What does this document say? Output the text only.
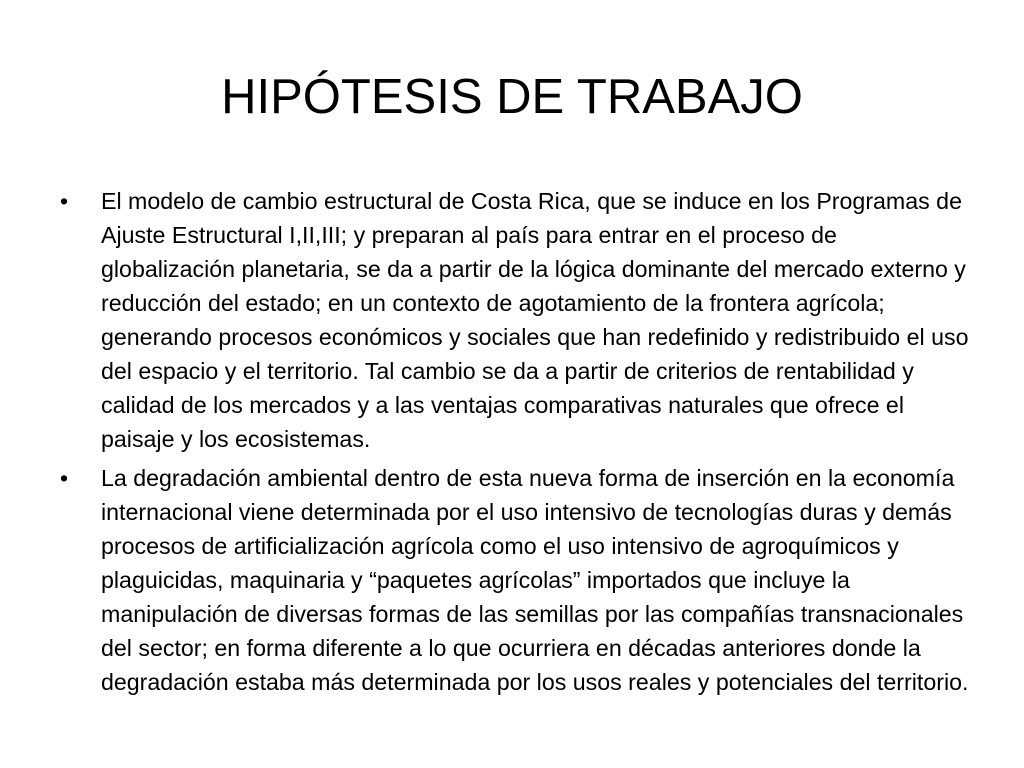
HIPÓTESIS DE TRABAJO
•	El modelo de cambio estructural de Costa Rica, que se induce en los Programas de Ajuste Estructural I,II,III; y preparan al país para entrar en el proceso de globalización planetaria, se da a partir de la lógica dominante del mercado externo y reducción del estado; en un contexto de agotamiento de la frontera agrícola; generando procesos económicos y sociales que han redefinido y redistribuido el uso del espacio y el territorio. Tal cambio se da a partir de criterios de rentabilidad y calidad de los mercados y a las ventajas comparativas naturales que ofrece el paisaje y los ecosistemas.
•	La degradación ambiental dentro de esta nueva forma de inserción en la economía internacional viene determinada por el uso intensivo de tecnologías duras y demás procesos de artificialización agrícola como el uso intensivo de agroquímicos y plaguicidas, maquinaria y “paquetes agrícolas” importados que incluye la manipulación de diversas formas de las semillas por las compañías transnacionales del sector; en forma diferente a lo que ocurriera en décadas anteriores donde la degradación estaba más determinada por los usos reales y potenciales del territorio.
